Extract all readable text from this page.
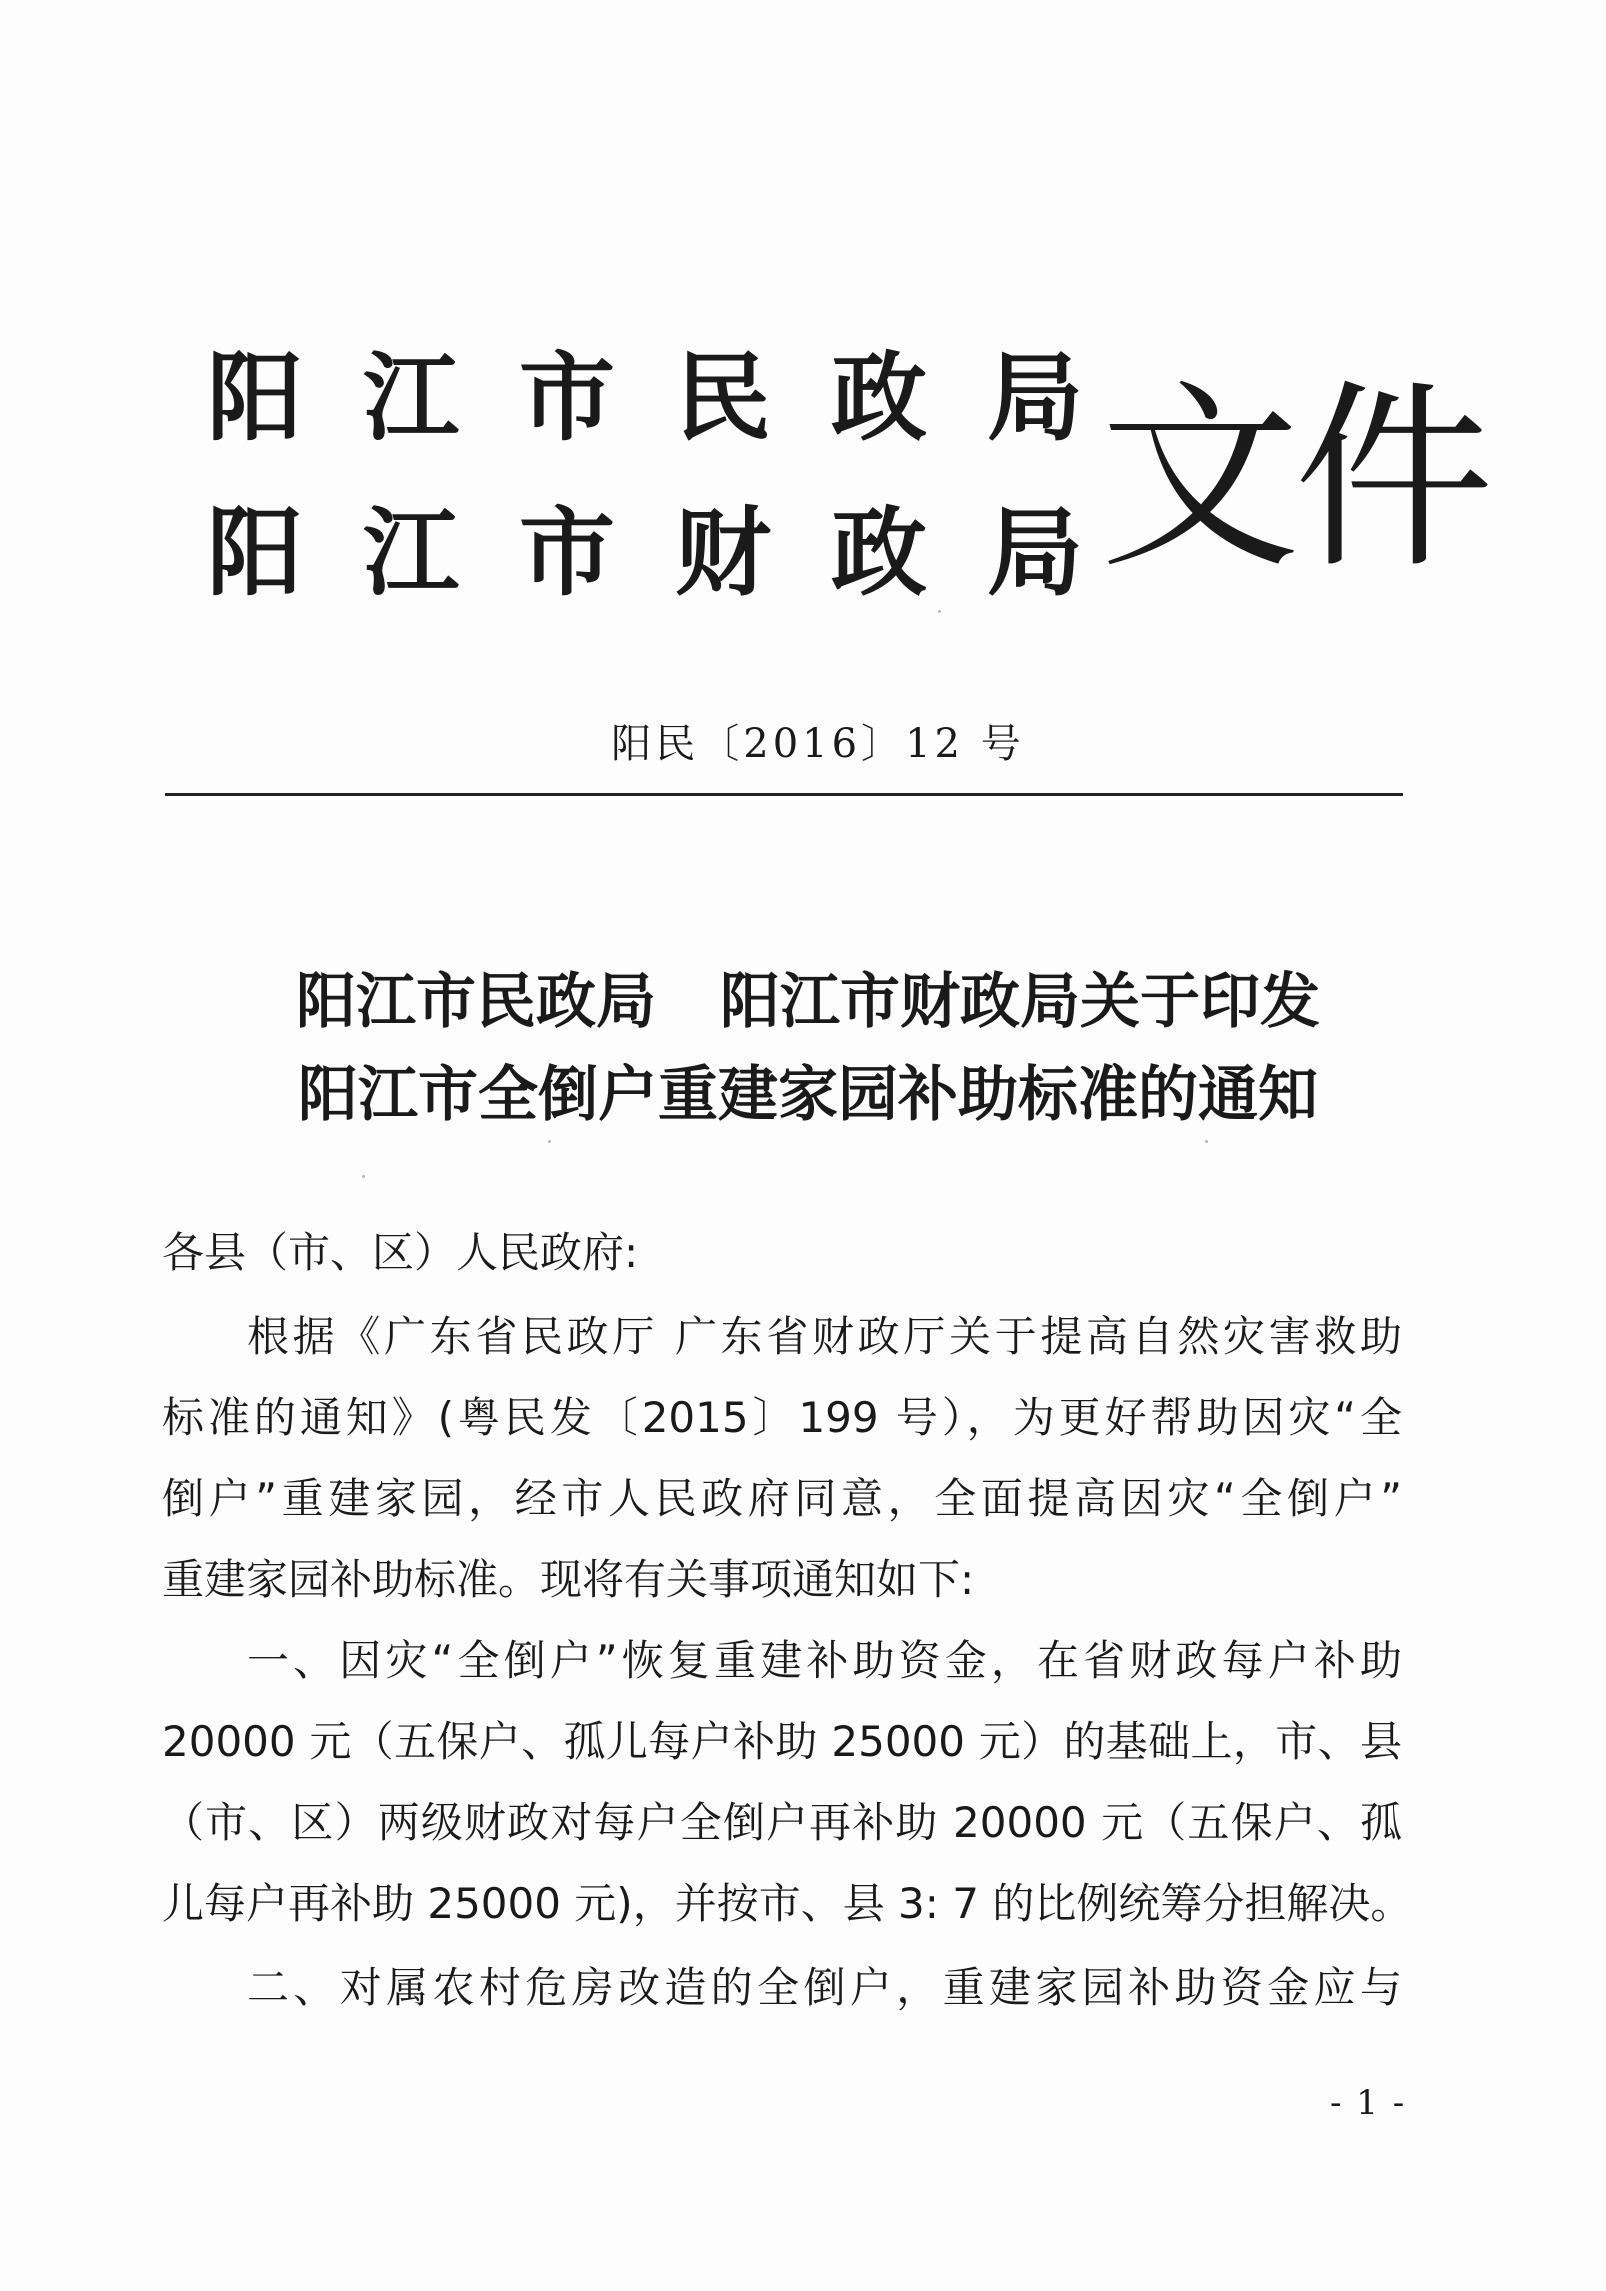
阳 江 市 民 政 局
阳 江 市 财 政 局 文件
阳民〔2016〕12 号
阳江市民政局 阳江市财政局关于印发
阳江市全倒户重建家园补助标准的通知
各县（市、区）人民政府:
根据《广东省民政厅 广东省财政厅关于提高自然灾害救助
标准的通知》(粤民发〔2015〕199 号），为更好帮助因灾“全
倒户”重建家园，经市人民政府同意，全面提高因灾“全倒户”
重建家园补助标准。现将有关事项通知如下:
一、因灾“全倒户”恢复重建补助资金，在省财政每户补助
20000 元（五保户、孤儿每户补助 25000 元）的基础上，市、县
（市、区）两级财政对每户全倒户再补助 20000 元（五保户、孤
儿每户再补助 25000 元)，并按市、县 3: 7 的比例统筹分担解决。
二、对属农村危房改造的全倒户，重建家园补助资金应与
- 1 -
